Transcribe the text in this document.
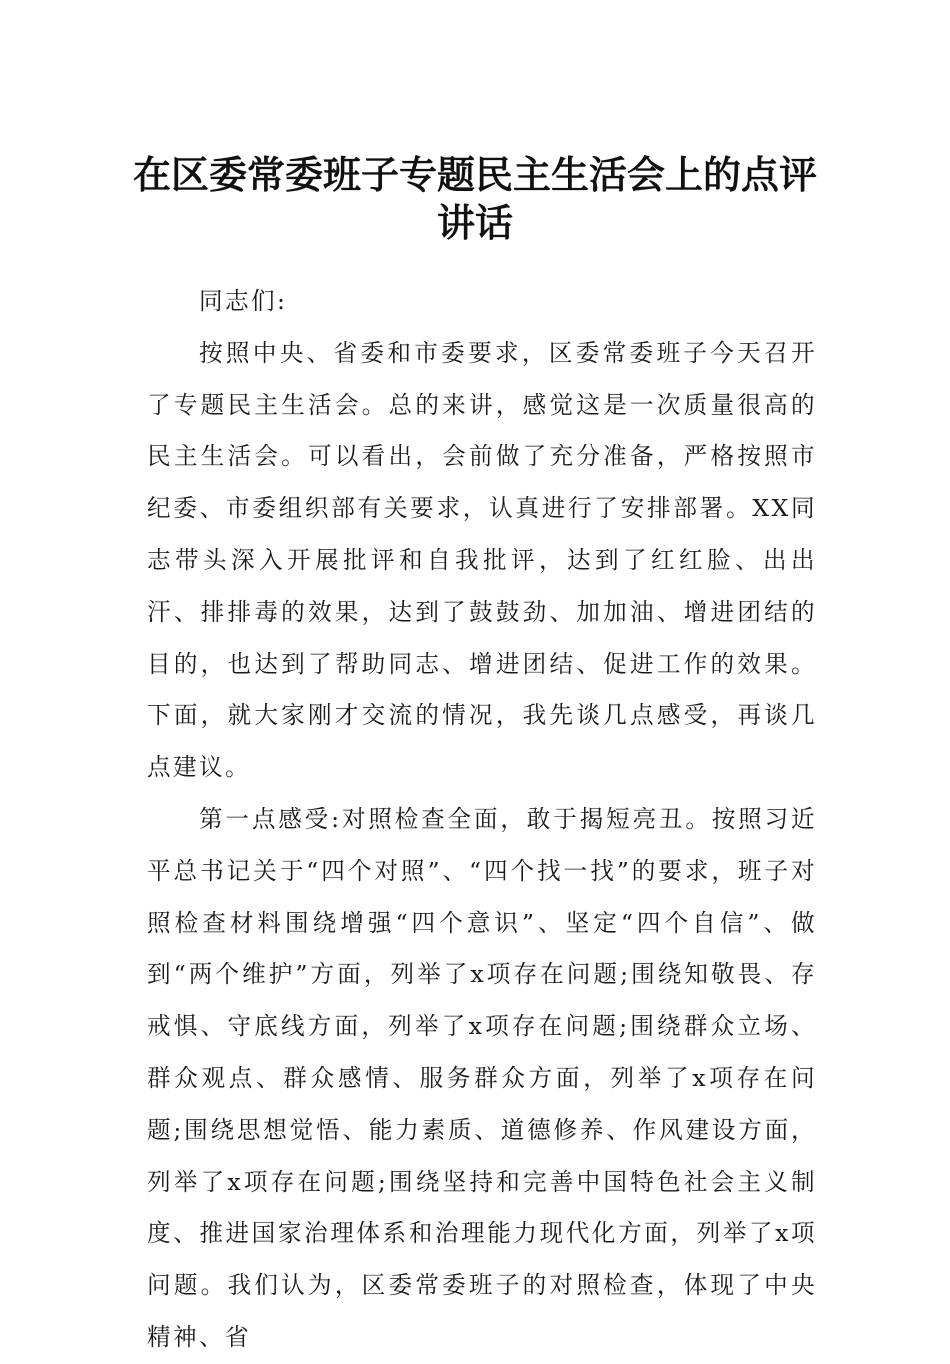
在区委常委班子专题民主生活会上的点评
讲话

同志们:

按照中央、省委和市委要求，区委常委班子今天召开了专题民主生活会。总的来讲，感觉这是一次质量很高的民主生活会。可以看出，会前做了充分准备，严格按照市纪委、市委组织部有关要求，认真进行了安排部署。XX同志带头深入开展批评和自我批评，达到了红红脸、出出汗、排排毒的效果，达到了鼓鼓劲、加加油、增进团结的目的，也达到了帮助同志、增进团结、促进工作的效果。下面，就大家刚才交流的情况，我先谈几点感受，再谈几点建议。

第一点感受:对照检查全面，敢于揭短亮丑。按照习近平总书记关于“四个对照”、“四个找一找”的要求，班子对照检查材料围绕增强“四个意识”、坚定“四个自信”、做到“两个维护”方面，列举了x项存在问题;围绕知敬畏、存戒惧、守底线方面，列举了x项存在问题;围绕群众立场、群众观点、群众感情、服务群众方面，列举了x项存在问题;围绕思想觉悟、能力素质、道德修养、作风建设方面，列举了x项存在问题;围绕坚持和完善中国特色社会主义制度、推进国家治理体系和治理能力现代化方面，列举了x项问题。我们认为，区委常委班子的对照检查，体现了中央精神、省
